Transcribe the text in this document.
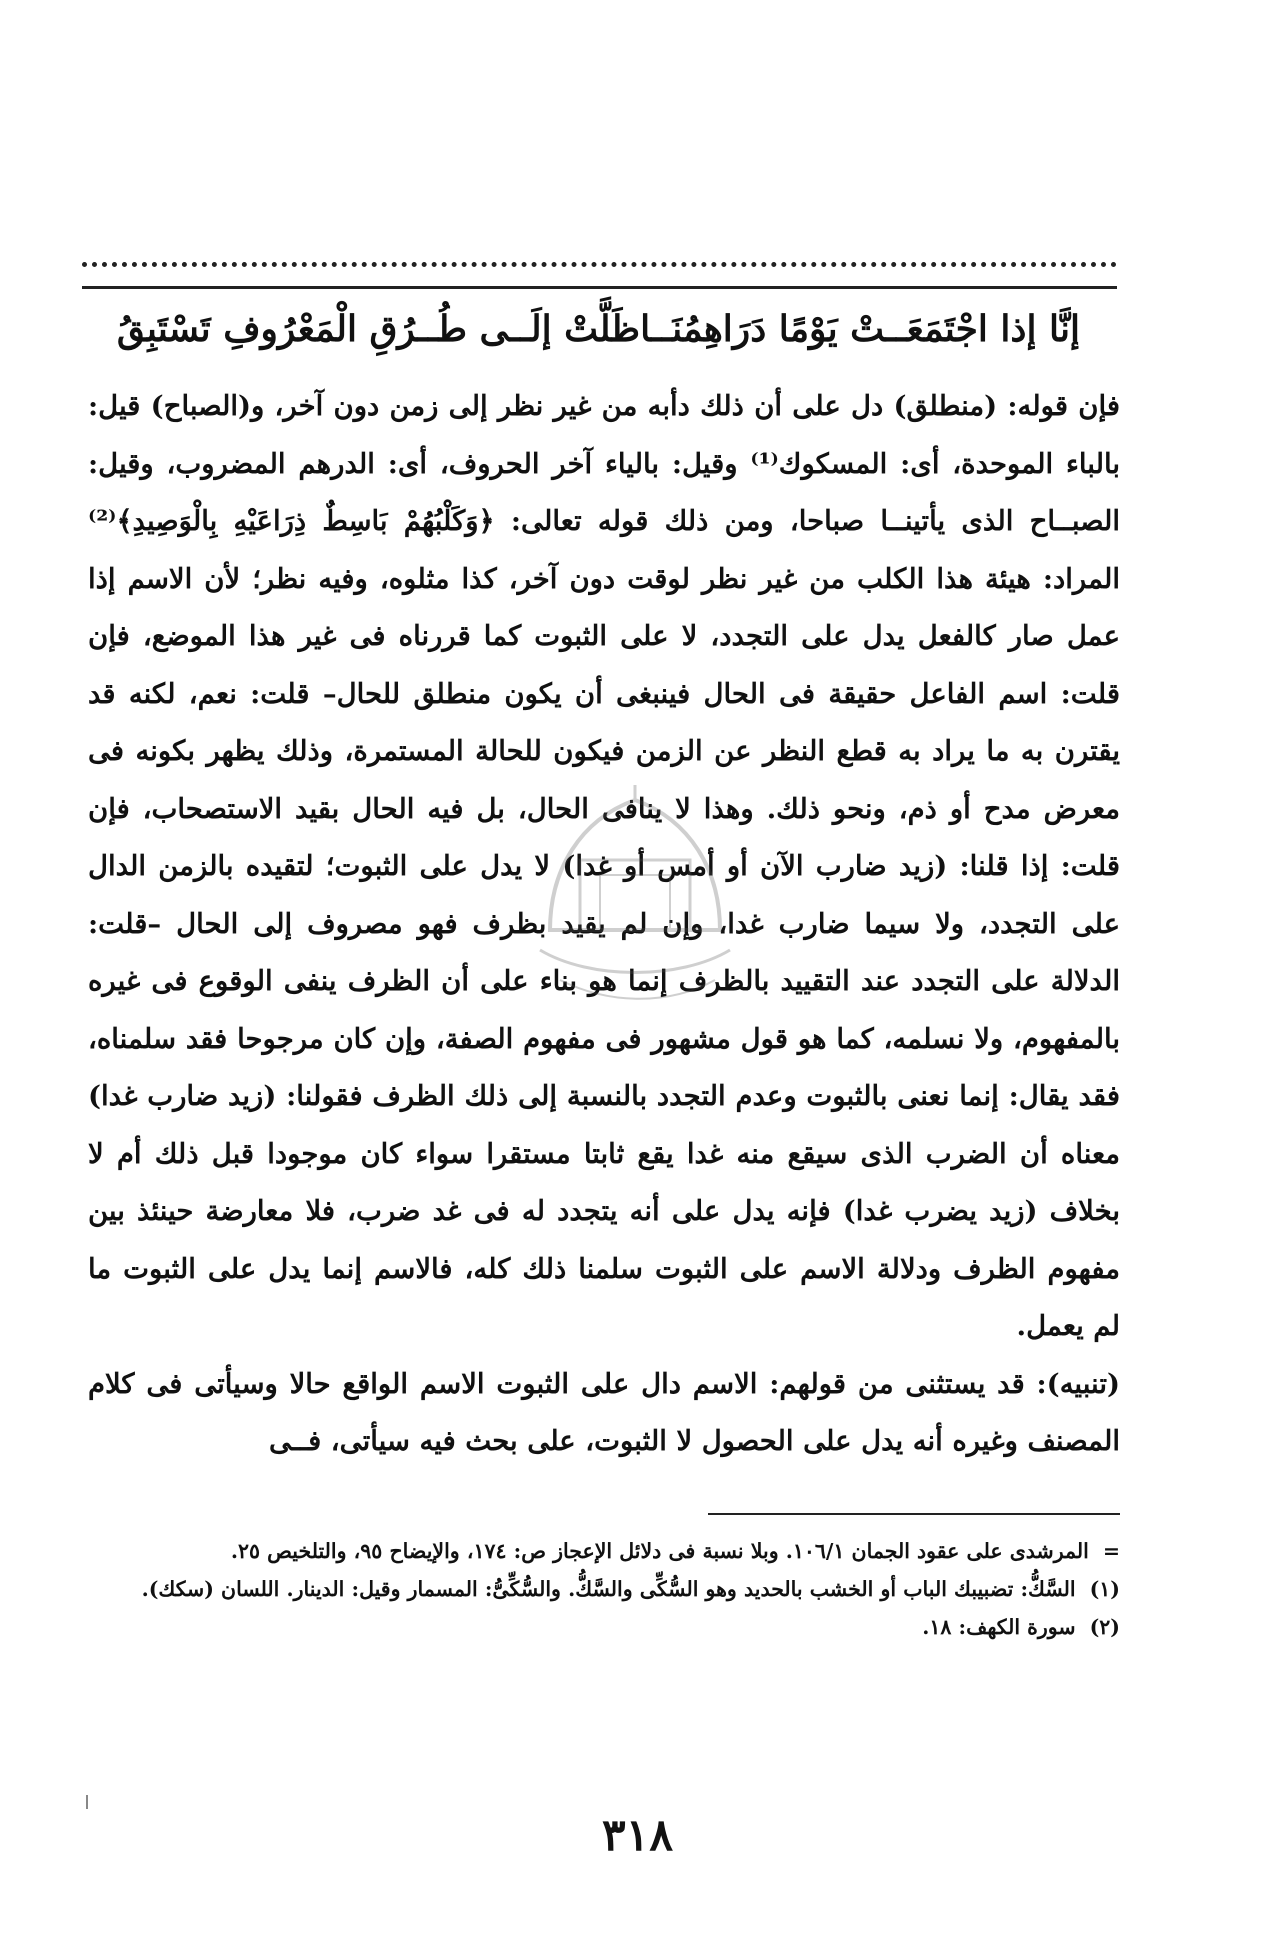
إنَّا إذا اجْتَمَعَــتْ يَوْمًا دَرَاهِمُنَــا
ظَلَّتْ إلَــى طُــرُقِ الْمَعْرُوفِ تَسْتَبِقُ

فإن قوله: (منطلق) دل على أن ذلك دأبه من غير نظر إلى زمن دون آخر، و(الصباح) قيل: بالباء الموحدة، أى: المسكوك⁽¹⁾ وقيل: بالياء آخر الحروف، أى: الدرهم المضروب، وقيل: الصبــاح الذى يأتينــا صباحا، ومن ذلك قوله تعالى: ﴿وَكَلْبُهُمْ بَاسِطٌ ذِرَاعَيْهِ بِالْوَصِيدِ﴾⁽²⁾ المراد: هيئة هذا الكلب من غير نظر لوقت دون آخر، كذا مثلوه، وفيه نظر؛ لأن الاسم إذا عمل صار كالفعل يدل على التجدد، لا على الثبوت كما قررناه فى غير هذا الموضع، فإن قلت: اسم الفاعل حقيقة فى الحال فينبغى أن يكون منطلق للحال– قلت: نعم، لكنه قد يقترن به ما يراد به قطع النظر عن الزمن فيكون للحالة المستمرة، وذلك يظهر بكونه فى معرض مدح أو ذم، ونحو ذلك. وهذا لا ينافى الحال، بل فيه الحال بقيد الاستصحاب، فإن قلت: إذا قلنا: (زيد ضارب الآن أو أمس أو غدا) لا يدل على الثبوت؛ لتقيده بالزمن الدال على التجدد، ولا سيما ضارب غدا، وإن لم يقيد بظرف فهو مصروف إلى الحال –قلت: الدلالة على التجدد عند التقييد بالظرف إنما هو بناء على أن الظرف ينفى الوقوع فى غيره بالمفهوم، ولا نسلمه، كما هو قول مشهور فى مفهوم الصفة، وإن كان مرجوحا فقد سلمناه، فقد يقال: إنما نعنى بالثبوت وعدم التجدد بالنسبة إلى ذلك الظرف فقولنا: (زيد ضارب غدا) معناه أن الضرب الذى سيقع منه غدا يقع ثابتا مستقرا سواء كان موجودا قبل ذلك أم لا بخلاف (زيد يضرب غدا) فإنه يدل على أنه يتجدد له فى غد ضرب، فلا معارضة حينئذ بين مفهوم الظرف ودلالة الاسم على الثبوت سلمنا ذلك كله، فالاسم إنما يدل على الثبوت ما لم يعمل.

(تنبيه): قد يستثنى من قولهم: الاسم دال على الثبوت الاسم الواقع حالا وسيأتى فى كلام المصنف وغيره أنه يدل على الحصول لا الثبوت، على بحث فيه سيأتى، فــى

=المرشدى على عقود الجمان ١٠٦/١. وبلا نسبة فى دلائل الإعجاز ص: ١٧٤، والإيضاح ٩٥، والتلخيص ٢٥.

(١)السَّكُّ: تضبيبك الباب أو الخشب بالحديد وهو السُّكِّى والسَّكُّ. والسُّكِّىُّ: المسمار وقيل: الدينار. اللسان (سكك).

(٢)سورة الكهف: ١٨.

٣١٨
